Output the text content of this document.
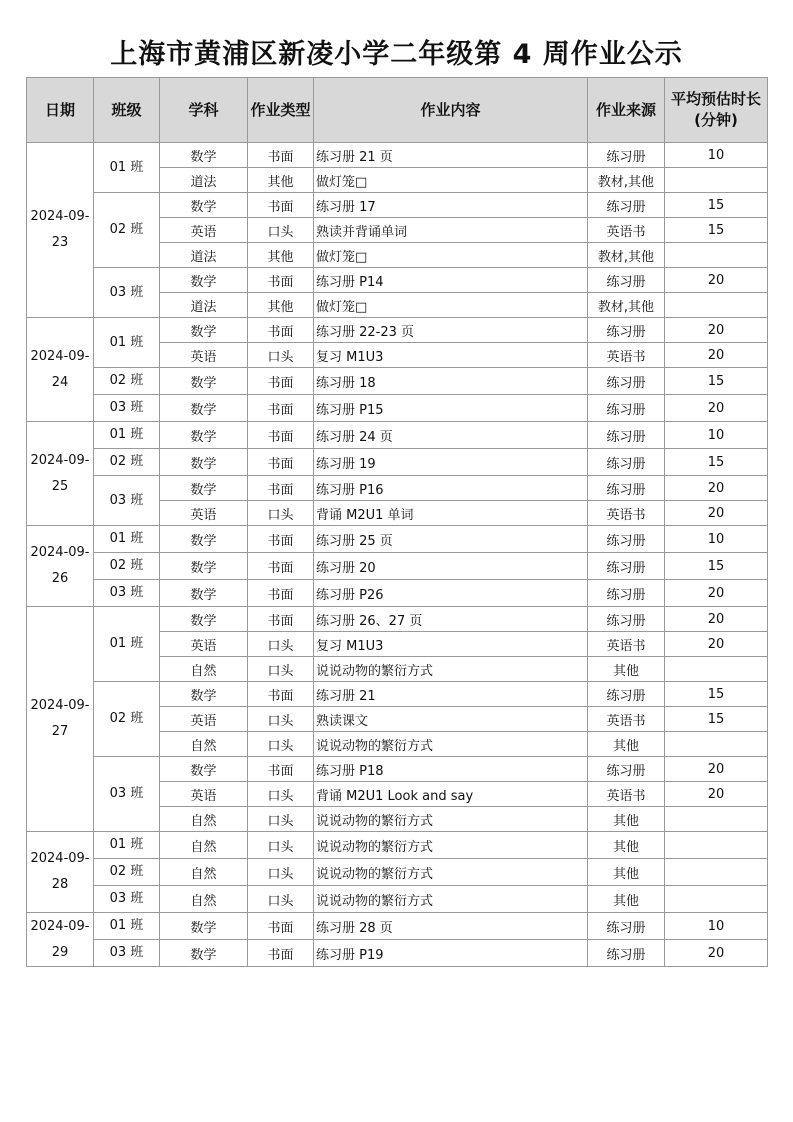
上海市黄浦区新凌小学二年级第 4 周作业公示
日期	班级	学科	作业类型	作业内容	作业来源	平均预估时长(分钟)
2024-09-23	01 班	数学	书面	练习册 21 页	练习册	10
		道法	其他	做灯笼□	教材,其他	
	02 班	数学	书面	练习册 17	练习册	15
		英语	口头	熟读并背诵单词	英语书	15
		道法	其他	做灯笼□	教材,其他	
	03 班	数学	书面	练习册 P14	练习册	20
		道法	其他	做灯笼□	教材,其他	
2024-09-24	01 班	数学	书面	练习册 22-23 页	练习册	20
		英语	口头	复习 M1U3	英语书	20
	02 班	数学	书面	练习册 18	练习册	15
	03 班	数学	书面	练习册 P15	练习册	20
2024-09-25	01 班	数学	书面	练习册 24 页	练习册	10
	02 班	数学	书面	练习册 19	练习册	15
	03 班	数学	书面	练习册 P16	练习册	20
		英语	口头	背诵 M2U1 单词	英语书	20
2024-09-26	01 班	数学	书面	练习册 25 页	练习册	10
	02 班	数学	书面	练习册 20	练习册	15
	03 班	数学	书面	练习册 P26	练习册	20
2024-09-27	01 班	数学	书面	练习册 26、27 页	练习册	20
		英语	口头	复习 M1U3	英语书	20
		自然	口头	说说动物的繁衍方式	其他	
	02 班	数学	书面	练习册 21	练习册	15
		英语	口头	熟读课文	英语书	15
		自然	口头	说说动物的繁衍方式	其他	
	03 班	数学	书面	练习册 P18	练习册	20
		英语	口头	背诵 M2U1 Look and say	英语书	20
		自然	口头	说说动物的繁衍方式	其他	
2024-09-28	01 班	自然	口头	说说动物的繁衍方式	其他	
	02 班	自然	口头	说说动物的繁衍方式	其他	
	03 班	自然	口头	说说动物的繁衍方式	其他	
2024-09-29	01 班	数学	书面	练习册 28 页	练习册	10
	03 班	数学	书面	练习册 P19	练习册	20
